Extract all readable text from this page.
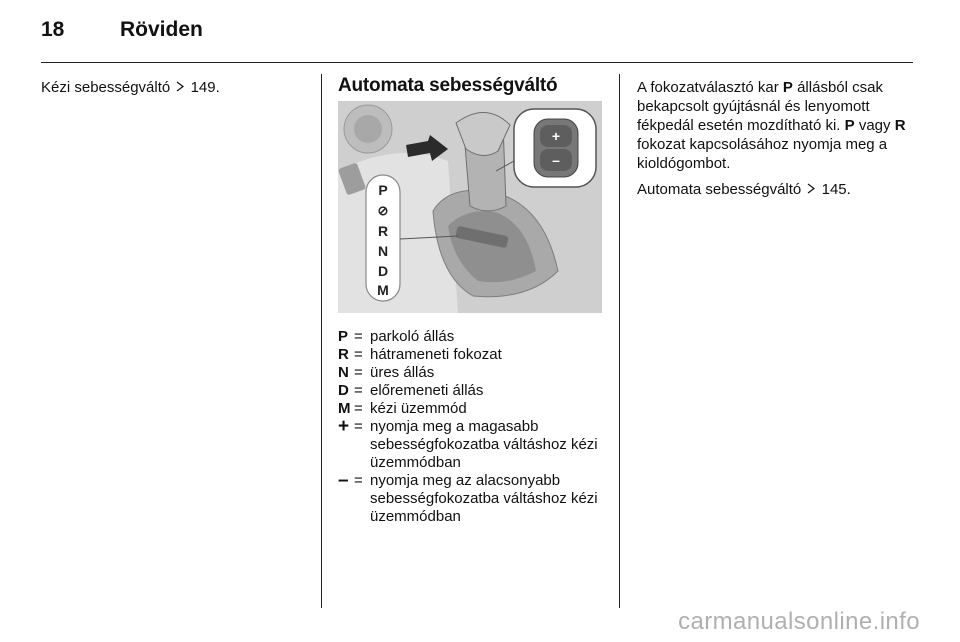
18	Röviden
Kézi sebességváltó 149.	Automata sebességváltó
+
–
P
⊘
R
N
D
M
P = parkoló állás
R = hátrameneti fokozat
N = üres állás
D = előremeneti állás
M = kézi üzemmód
+ = nyomja meg a magasabb sebességfokozatba váltáshoz kézi üzemmódban
– = nyomja meg az alacsonyabb sebességfokozatba váltáshoz kézi üzemmódban

A fokozatválasztó kar P állásból csak bekapcsolt gyújtásnál és lenyomott fékpedál esetén mozdítható ki. P vagy R fokozat kapcsolásához nyomja meg a kioldógombot.

Automata sebességváltó 145.

carmanualsonline.info
